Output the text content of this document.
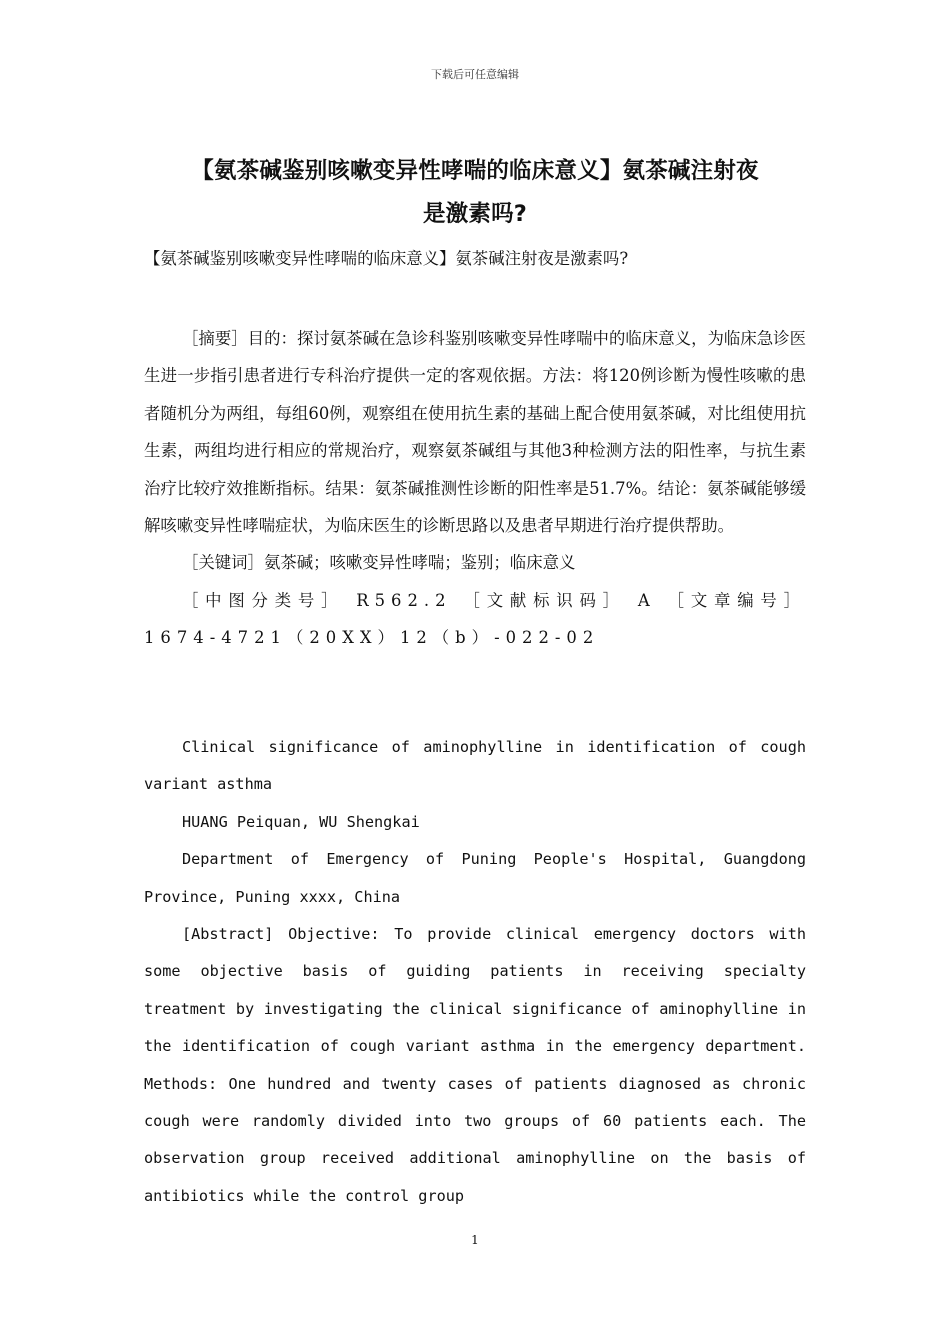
下载后可任意编辑
【氨茶碱鉴别咳嗽变异性哮喘的临床意义】氨茶碱注射夜
是激素吗?
【氨茶碱鉴别咳嗽变异性哮喘的临床意义】氨茶碱注射夜是激素吗?

［摘要］目的：探讨氨茶碱在急诊科鉴别咳嗽变异性哮喘中的临床意义，为临床急诊医生进一步指引患者进行专科治疗提供一定的客观依据。方法：将120例诊断为慢性咳嗽的患者随机分为两组，每组60例，观察组在使用抗生素的基础上配合使用氨茶碱，对比组使用抗生素，两组均进行相应的常规治疗，观察氨茶碱组与其他3种检测方法的阳性率，与抗生素治疗比较疗效推断指标。结果：氨茶碱推测性诊断的阳性率是51.7%。结论：氨茶碱能够缓解咳嗽变异性哮喘症状，为临床医生的诊断思路以及患者早期进行治疗提供帮助。

［关键词］氨茶碱；咳嗽变异性哮喘；鉴别；临床意义

［中图分类号］ R562.2 ［文献标识码］ A ［文章编号］ 1674-4721（20XX）12（b）-022-02

Clinical significance of aminophylline in identification of cough variant asthma

HUANG Peiquan, WU Shengkai

Department of Emergency of Puning People's Hospital, Guangdong Province, Puning xxxx, China

[Abstract] Objective: To provide clinical emergency doctors with some objective basis of guiding patients in receiving specialty treatment by investigating the clinical significance of aminophylline in the identification of cough variant asthma in the emergency department. Methods: One hundred and twenty cases of patients diagnosed as chronic cough were randomly divided into two groups of 60 patients each. The observation group received additional aminophylline on the basis of antibiotics while the control group

1
